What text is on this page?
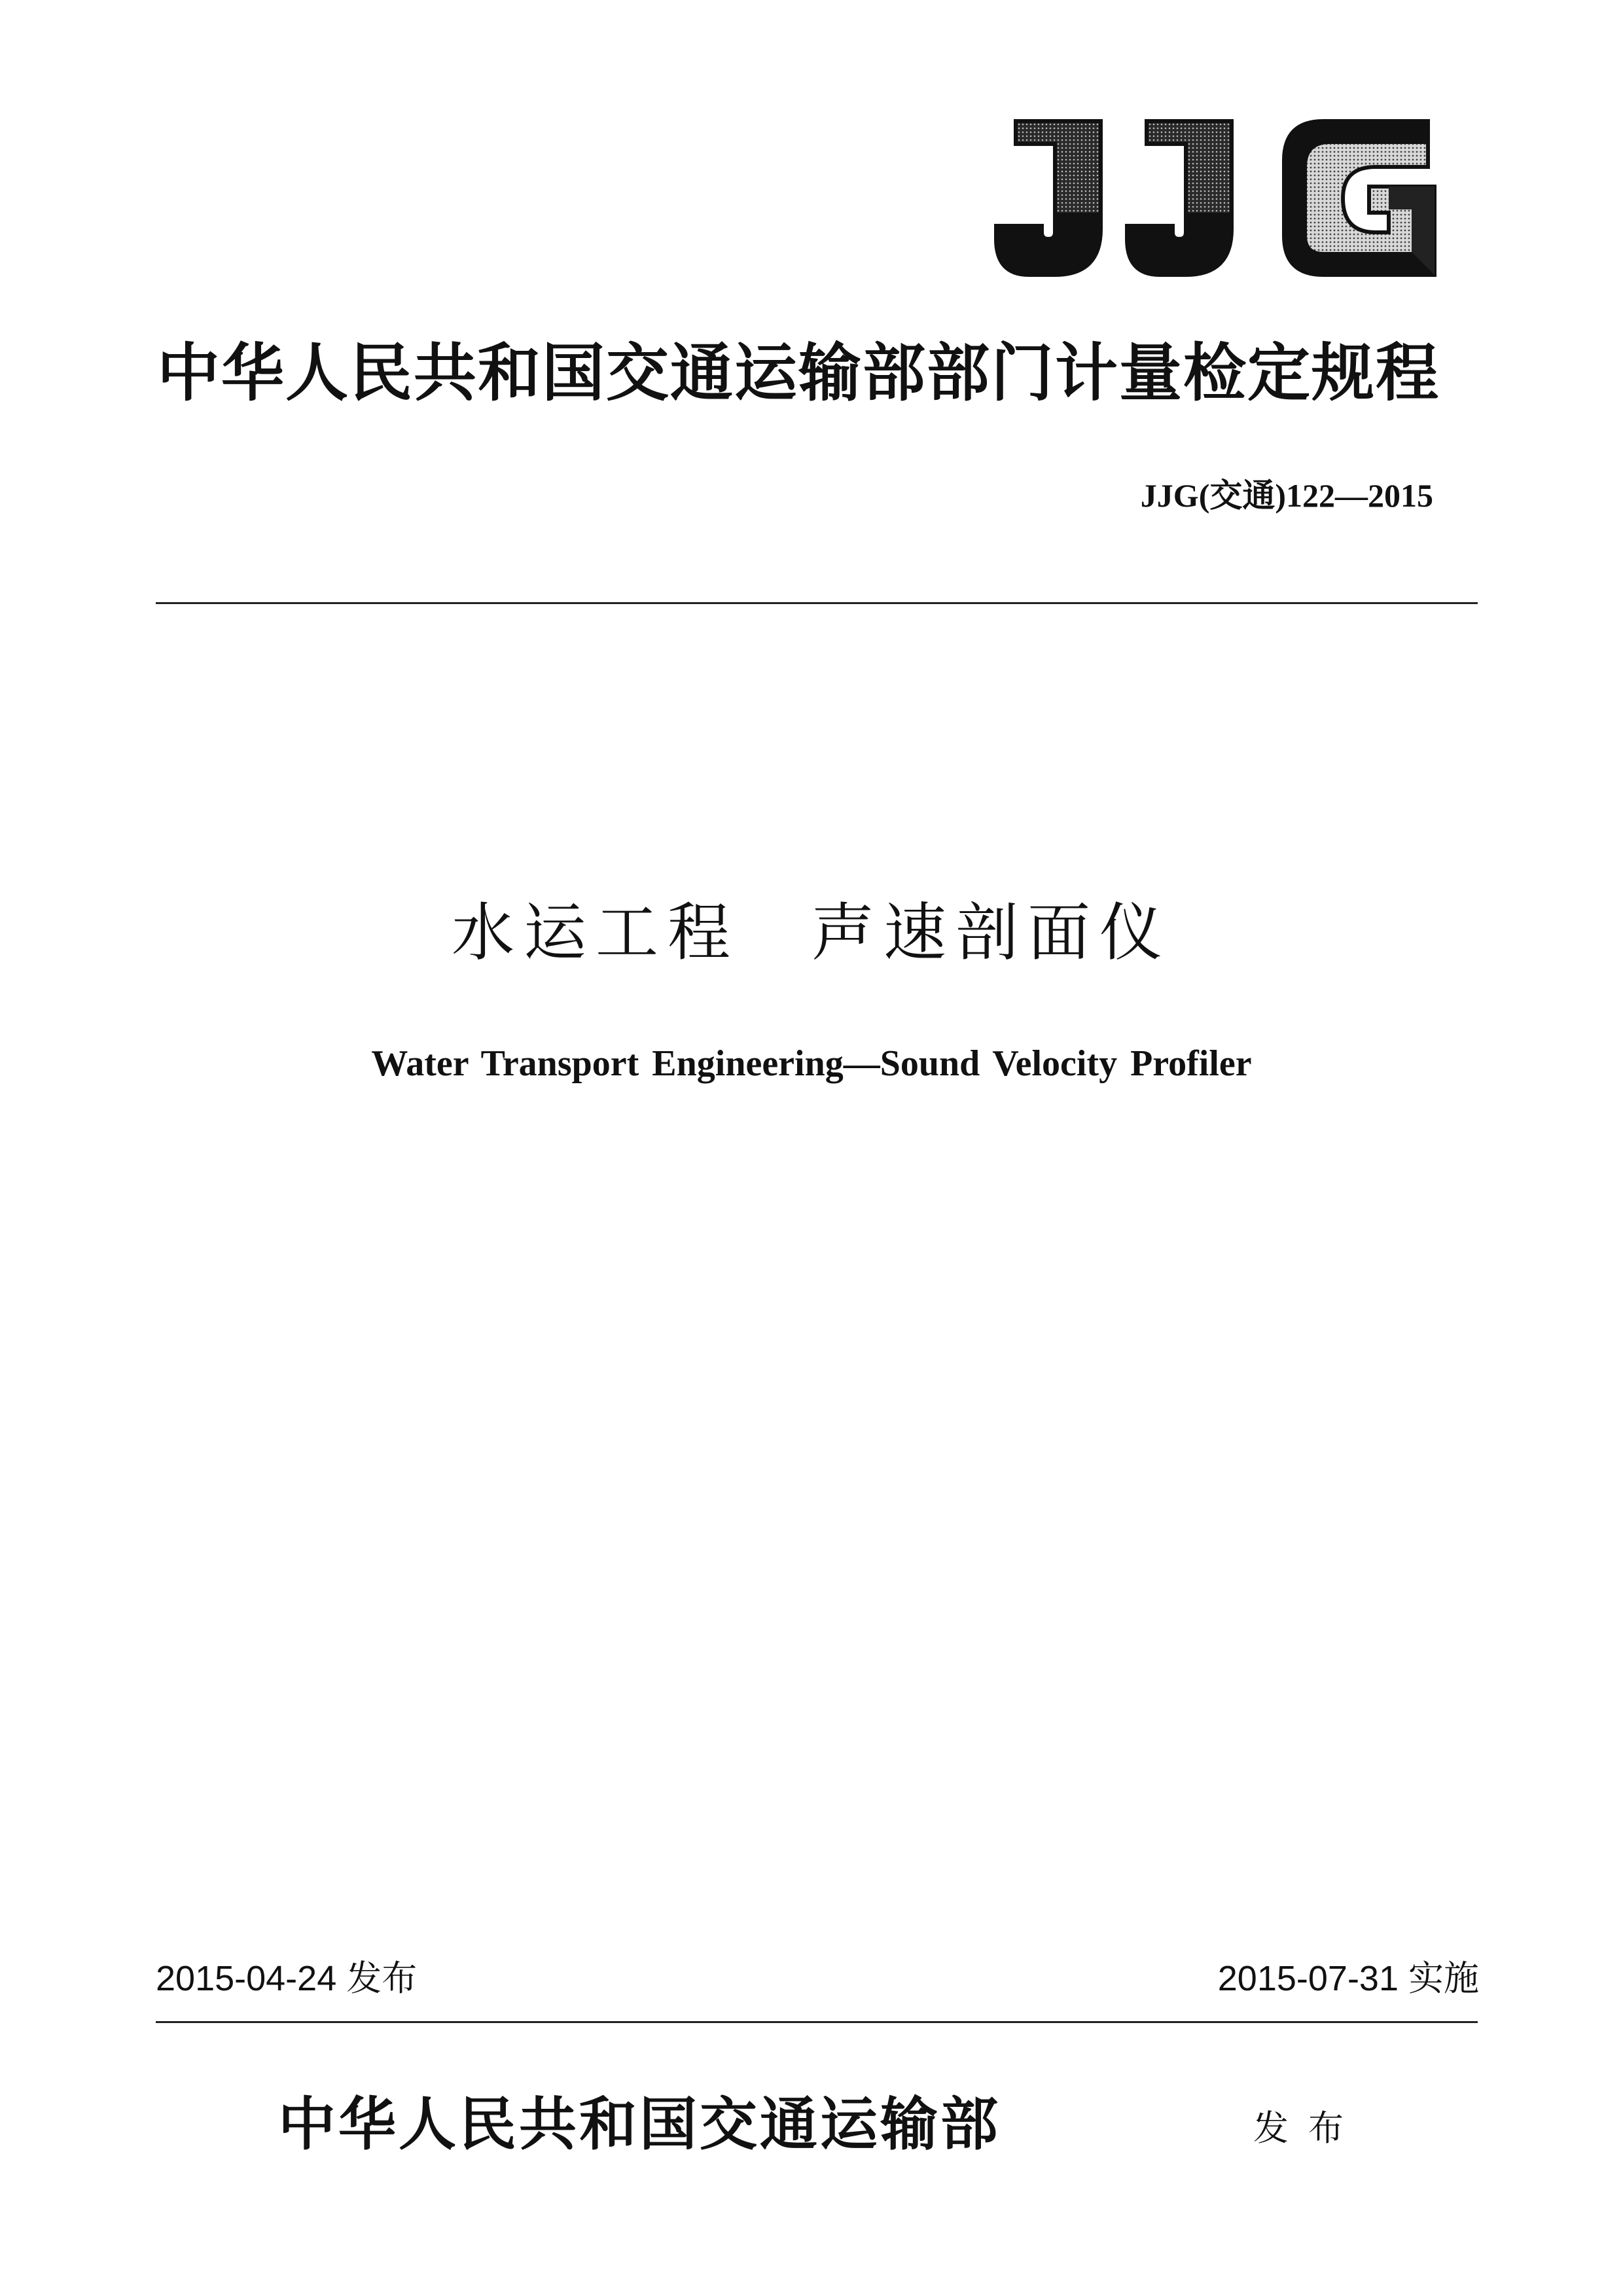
中华人民共和国交通运输部部门计量检定规程
JJG(交通)122—2015
水运工程　声速剖面仪
Water Transport Engineering—Sound Velocity Profiler
2015-04-24 发布	2015-07-31 实施
中华人民共和国交通运输部	发布
